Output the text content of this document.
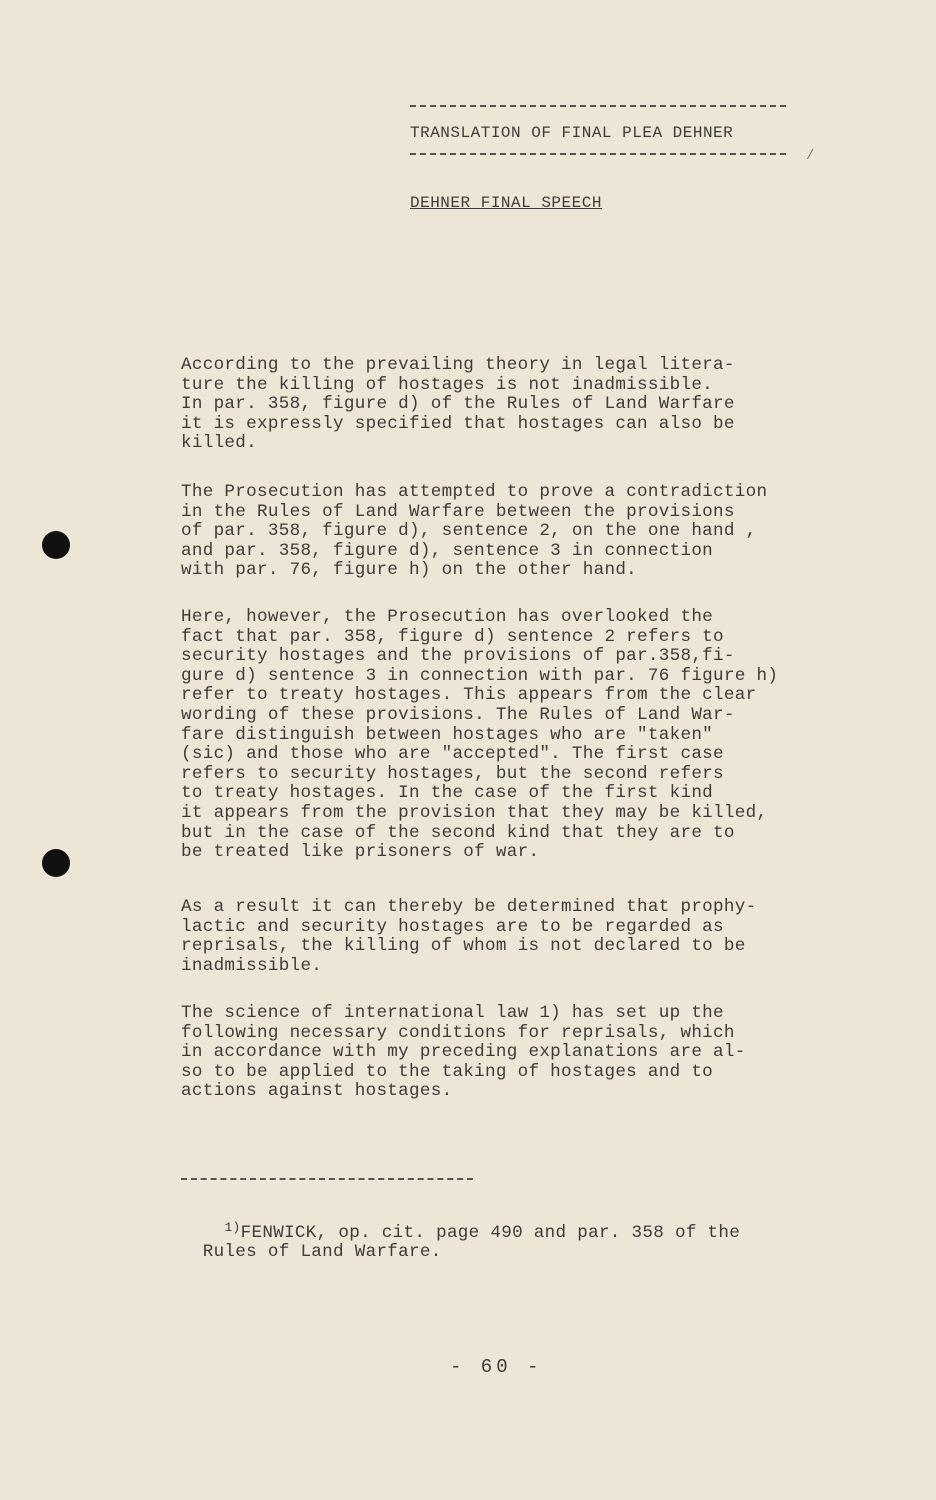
TRANSLATION OF FINAL PLEA DEHNER
/
DEHNER FINAL SPEECH
According to the prevailing theory in legal litera-
ture the killing of hostages is not inadmissible.
In par. 358, figure d) of the Rules of Land Warfare
it is expressly specified that hostages can also be
killed.
The Prosecution has attempted to prove a contradiction
in the Rules of Land Warfare between the provisions
of par. 358, figure d), sentence 2, on the one hand ,
and par. 358, figure d), sentence 3 in connection
with par. 76, figure h) on the other hand.
Here, however, the Prosecution has overlooked the
fact that par. 358, figure d) sentence 2 refers to
security hostages and the provisions of par.358,fi-
gure d) sentence 3 in connection with par. 76 figure h)
refer to treaty hostages. This appears from the clear
wording of these provisions. The Rules of Land War-
fare distinguish between hostages who are "taken"
(sic) and those who are "accepted". The first case
refers to security hostages, but the second refers
to treaty hostages. In the case of the first kind
it appears from the provision that they may be killed,
but in the case of the second kind that they are to
be treated like prisoners of war.
As a result it can thereby be determined that prophy-
lactic and security hostages are to be regarded as
reprisals, the killing of whom is not declared to be
inadmissible.
The science of international law 1) has set up the
following necessary conditions for reprisals, which
in accordance with my preceding explanations are al-
so to be applied to the taking of hostages and to
actions against hostages.

$^{1)}$FENWICK, op. cit. page 490 and par. 358 of the
Rules of Land Warfare.

- 60 -
